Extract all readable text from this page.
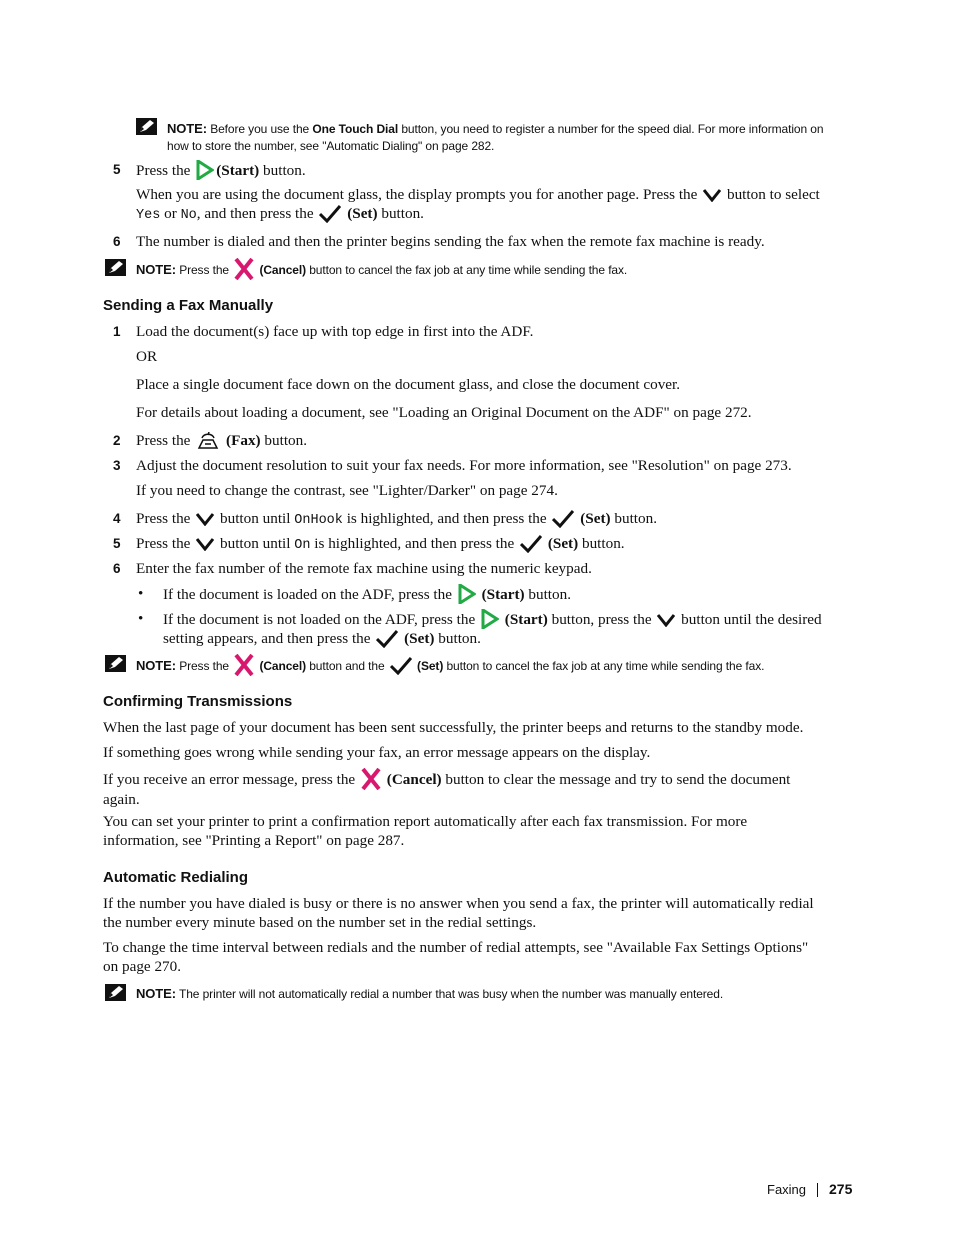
NOTE: Before you use the One Touch Dial button, you need to register a number for the speed dial. For more information on
how to store the number, see "Automatic Dialing" on page 282.
5 Press the (Start) button.
When you are using the document glass, the display prompts you for another page. Press the button to select
Yes or No, and then press the (Set) button.
6 The number is dialed and then the printer begins sending the fax when the remote fax machine is ready.
NOTE: Press the	(Cancel) button to cancel the fax job at any time while sending the fax.
Sending a Fax Manually
1 Load the document(s) face up with top edge in first into the ADF.
OR
Place a single document face down on the document glass, and close the document cover.
For details about loading a document, see "Loading an Original Document on the ADF" on page 272.
2 Press the (Fax) button.
3 Adjust the document resolution to suit your fax needs. For more information, see "Resolution" on page 273.
If you need to change the contrast, see "Lighter/Darker" on page 274.
4 Press the button until OnHook is highlighted, and then press the (Set) button.
5 Press the button until On is highlighted, and then press the (Set) button.
6 Enter the fax number of the remote fax machine using the numeric keypad.
• If the document is loaded on the ADF, press the (Start) button.
• If the document is not loaded on the ADF, press the (Start) button, press the button until the desired
setting appears, and then press the (Set) button.
NOTE: Press the	(Cancel) button and the	(Set) button to cancel the fax job at any time while sending the fax.
Confirming Transmissions
When the last page of your document has been sent successfully, the printer beeps and returns to the standby mode.
If something goes wrong while sending your fax, an error message appears on the display.
If you receive an error message, press the (Cancel) button to clear the message and try to send the document
again.
You can set your printer to print a confirmation report automatically after each fax transmission. For more
information, see "Printing a Report" on page 287.
Automatic Redialing
If the number you have dialed is busy or there is no answer when you send a fax, the printer will automatically redial
the number every minute based on the number set in the redial settings.
To change the time interval between redials and the number of redial attempts, see "Available Fax Settings Options"
on page 270.
NOTE: The printer will not automatically redial a number that was busy when the number was manually entered.
Faxing 275
